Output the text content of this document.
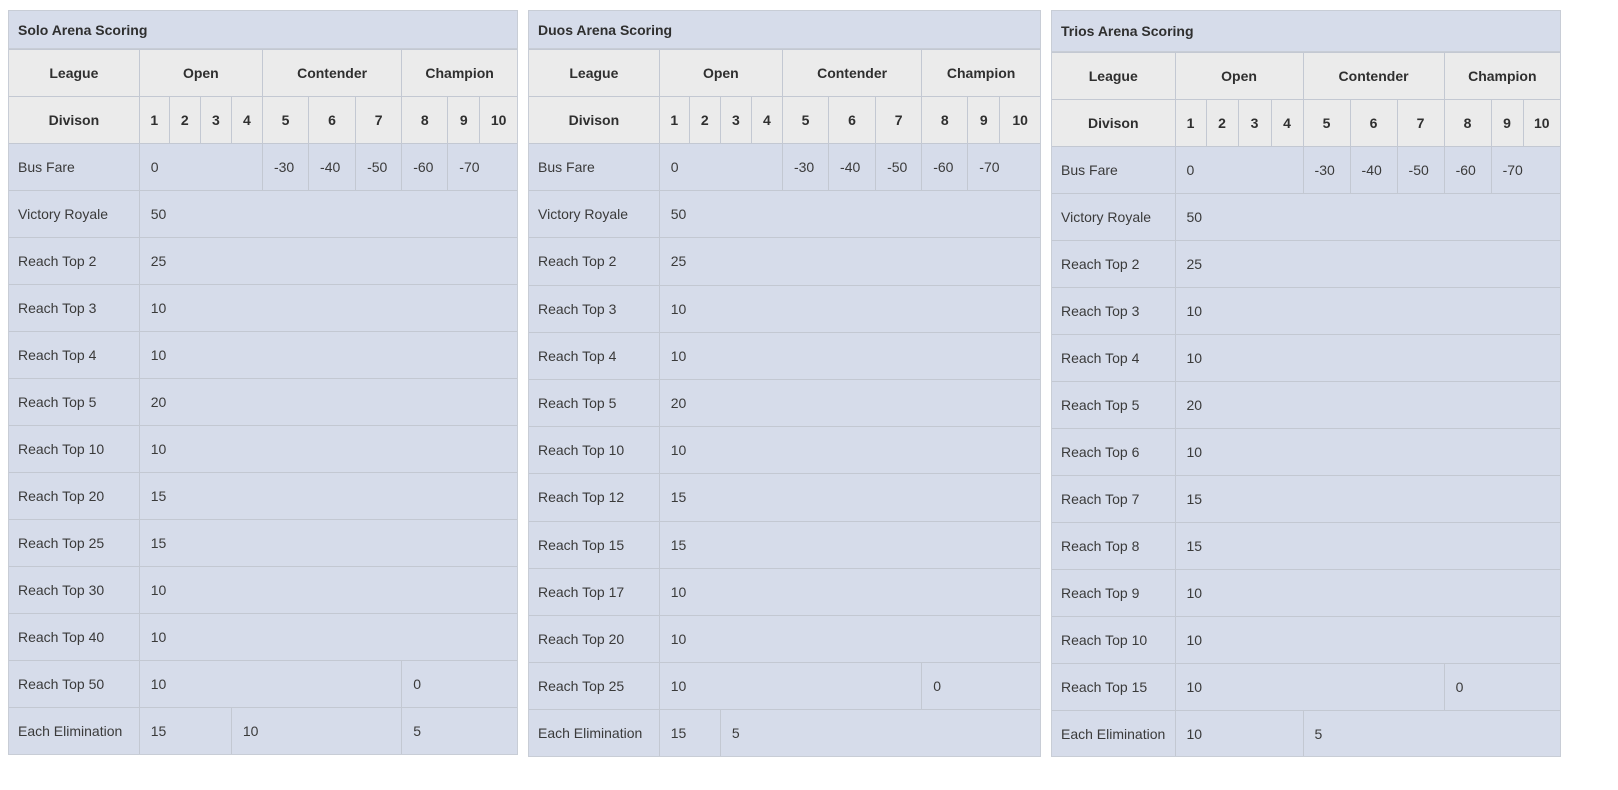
Solo Arena Scoring
League	Open				Contender			Champion		
Divison	1	2	3	4	5	6	7	8	9	10
Bus Fare	0				-30	-40	-50	-60	-70	
Victory Royale	50									
Reach Top 2	25									
Reach Top 3	10									
Reach Top 4	10									
Reach Top 5	20									
Reach Top 10	10									
Reach Top 20	15									
Reach Top 25	15									
Reach Top 30	10									
Reach Top 40	10									
Reach Top 50	10							0		
Each Elimination	15			10				5		
Duos Arena Scoring
League	Open				Contender			Champion		
Divison	1	2	3	4	5	6	7	8	9	10
Bus Fare	0				-30	-40	-50	-60	-70	
Victory Royale	50									
Reach Top 2	25									
Reach Top 3	10									
Reach Top 4	10									
Reach Top 5	20									
Reach Top 10	10									
Reach Top 12	15									
Reach Top 15	15									
Reach Top 17	10									
Reach Top 20	10									
Reach Top 25	10							0		
Each Elimination	15		5							
Trios Arena Scoring
League	Open				Contender			Champion		
Divison	1	2	3	4	5	6	7	8	9	10
Bus Fare	0				-30	-40	-50	-60	-70	
Victory Royale	50									
Reach Top 2	25									
Reach Top 3	10									
Reach Top 4	10									
Reach Top 5	20									
Reach Top 6	10									
Reach Top 7	15									
Reach Top 8	15									
Reach Top 9	10									
Reach Top 10	10									
Reach Top 15	10							0		
Each Elimination	10				5					
